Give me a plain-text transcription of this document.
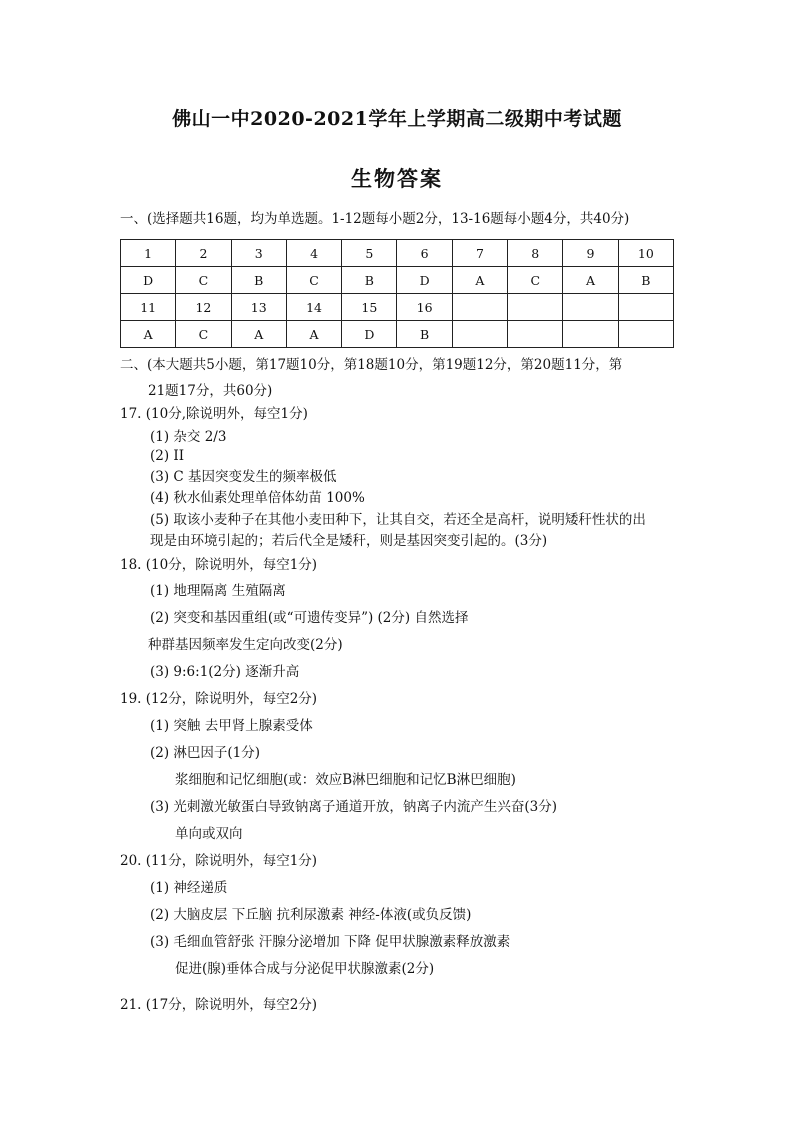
佛山一中2020-2021学年上学期高二级期中考试题
生物答案
一、(选择题共16题，均为单选题。1-12题每小题2分，13-16题每小题4分，共40分)
1	2	3	4	5	6	7	8	9	10
D	C	B	C	B	D	A	C	A	B
11	12	13	14	15	16				
A	C	A	A	D	B				
二、(本大题共5小题，第17题10分，第18题10分，第19题12分，第20题11分，第
21题17分，共60分)
17. (10分,除说明外，每空1分)
(1) 杂交 2/3
(2) II
(3) C 基因突变发生的频率极低
(4) 秋水仙素处理单倍体幼苗 100%
(5) 取该小麦种子在其他小麦田种下，让其自交，若还全是高杆，说明矮秆性状的出
现是由环境引起的；若后代全是矮秆，则是基因突变引起的。(3分)
18. (10分，除说明外，每空1分)
(1) 地理隔离 生殖隔离
(2) 突变和基因重组(或“可遗传变异”) (2分) 自然选择
种群基因频率发生定向改变(2分)
(3) 9:6:1(2分) 逐渐升高
19. (12分，除说明外，每空2分)
(1) 突触 去甲肾上腺素受体
(2) 淋巴因子(1分)
浆细胞和记忆细胞(或：效应B淋巴细胞和记忆B淋巴细胞)
(3) 光刺激光敏蛋白导致钠离子通道开放，钠离子内流产生兴奋(3分)
单向或双向
20. (11分，除说明外，每空1分)
(1) 神经递质
(2) 大脑皮层 下丘脑 抗利尿激素 神经-体液(或负反馈)
(3) 毛细血管舒张 汗腺分泌增加 下降 促甲状腺激素释放激素
促进(腺)垂体合成与分泌促甲状腺激素(2分)
21. (17分，除说明外，每空2分)
